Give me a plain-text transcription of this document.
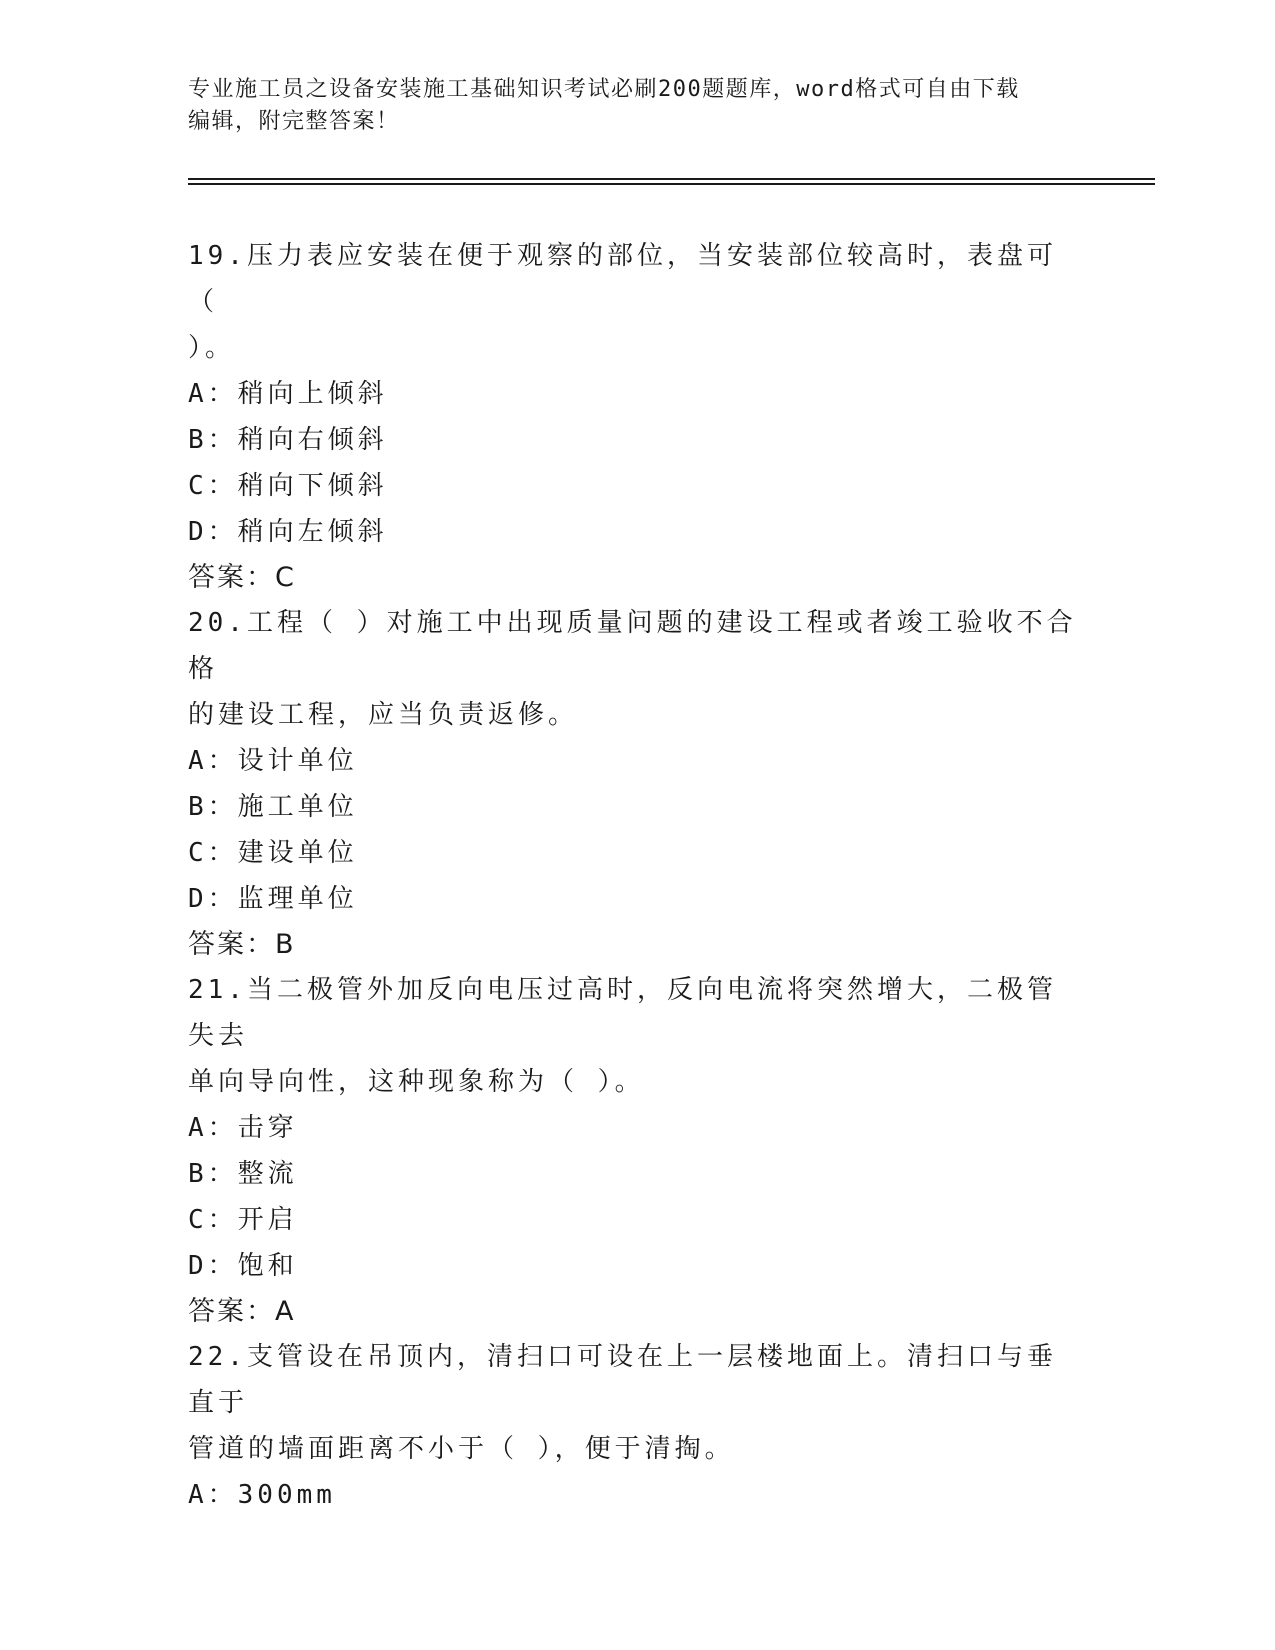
专业施工员之设备安装施工基础知识考试必刷200题题库，word格式可自由下载
编辑，附完整答案！

19.压力表应安装在便于观察的部位，当安装部位较高时，表盘可（

）。

A：稍向上倾斜

B：稍向右倾斜

C：稍向下倾斜

D：稍向左倾斜

答案：C

20.工程（ ）对施工中出现质量问题的建设工程或者竣工验收不合格

的建设工程，应当负责返修。

A：设计单位

B：施工单位

C：建设单位

D：监理单位

答案：B

21.当二极管外加反向电压过高时，反向电流将突然增大，二极管失去

单向导向性，这种现象称为（ ）。

A：击穿

B：整流

C：开启

D：饱和

答案：A

22.支管设在吊顶内，清扫口可设在上一层楼地面上。清扫口与垂直于

管道的墙面距离不小于（ ），便于清掏。

A：300mm
